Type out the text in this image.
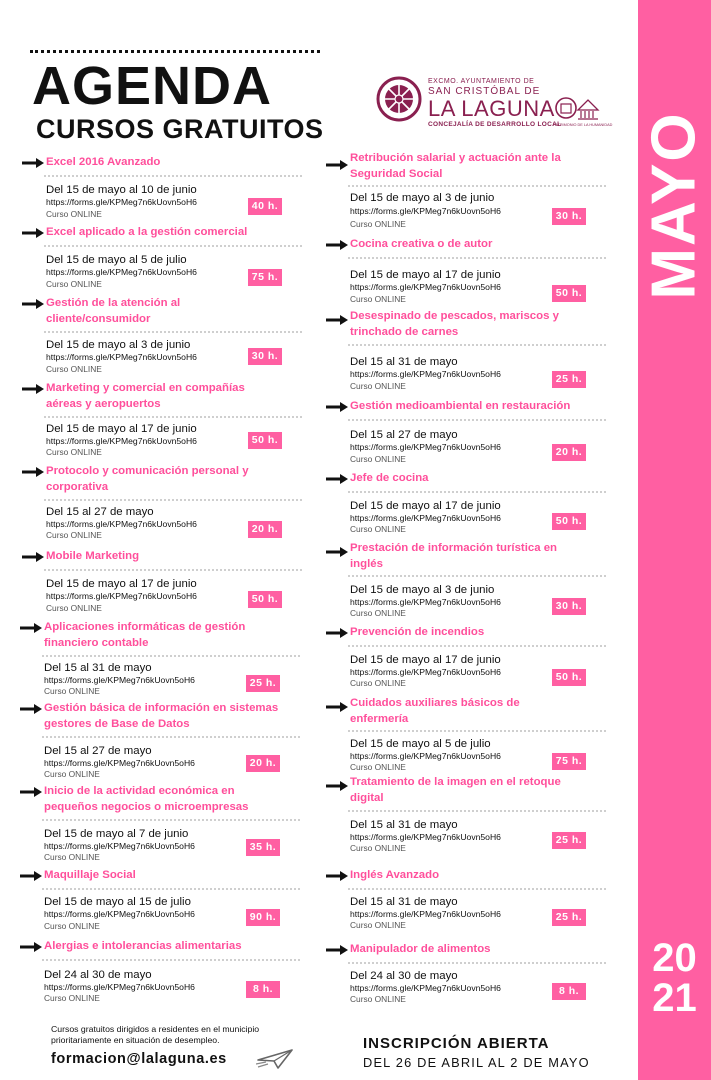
MAYO
20
21
AGENDA
CURSOS GRATUITOS
EXCMO. AYUNTAMIENTO DE
SAN CRISTÓBAL DE
LA LAGUNA
CONCEJALÍA DE DESARROLLO LOCAL
PATRIMONIO DE LA HUMANIDAD
Excel 2016 Avanzado
Del 15 de mayo al 10 de junio
https://forms.gle/KPMeg7n6kUovn5oH6
Curso ONLINE
40 h.
Excel aplicado a la gestión comercial
Del 15 de mayo al 5 de julio
https://forms.gle/KPMeg7n6kUovn5oH6
Curso ONLINE
75 h.
Gestión de la atención al cliente/consumidor
Del 15 de mayo al 3 de junio
https://forms.gle/KPMeg7n6kUovn5oH6
Curso ONLINE
30 h.
Marketing y comercial en compañías aéreas y aeropuertos
Del 15 de mayo al 17 de junio
https://forms.gle/KPMeg7n6kUovn5oH6
Curso ONLINE
50 h.
Protocolo y comunicación personal y corporativa
Del 15 al 27 de mayo
https://forms.gle/KPMeg7n6kUovn5oH6
Curso ONLINE	20 h.
Mobile Marketing
Del 15 de mayo al 17 de junio
https://forms.gle/KPMeg7n6kUovn5oH6
Curso ONLINE
50 h.
Aplicaciones informáticas de gestión financiero contable
Del 15 al 31 de mayo
https://forms.gle/KPMeg7n6kUovn5oH6
Curso ONLINE
25 h.
Gestión básica de información en sistemas gestores de Base de Datos
Del 15 al 27 de mayo
https://forms.gle/KPMeg7n6kUovn5oH6
Curso ONLINE
20 h.
Inicio de la actividad económica en pequeños negocios o microempresas
Del 15 de mayo al 7 de junio
https://forms.gle/KPMeg7n6kUovn5oH6
Curso ONLINE
35 h.
Maquillaje Social
Del 15 de mayo al 15 de julio
https://forms.gle/KPMeg7n6kUovn5oH6
Curso ONLINE
90 h.
Alergias e intolerancias alimentarias
Del 24 al 30 de mayo
https://forms.gle/KPMeg7n6kUovn5oH6
Curso ONLINE
8 h.
Retribución salarial y actuación ante la Seguridad Social
Del 15 de mayo al 3 de junio
https://forms.gle/KPMeg7n6kUovn5oH6
Curso ONLINE
30 h.
Cocina creativa o de autor
Del 15 de mayo al 17 de junio
https://forms.gle/KPMeg7n6kUovn5oH6
Curso ONLINE	50 h.
Desespinado de pescados, mariscos y trinchado de carnes
Del 15 al 31 de mayo
https://forms.gle/KPMeg7n6kUovn5oH6
Curso ONLINE
25 h.
Gestión medioambiental en restauración
Del 15 al 27 de mayo
https://forms.gle/KPMeg7n6kUovn5oH6
Curso ONLINE
20 h.
Jefe de cocina
Del 15 de mayo al 17 de junio
https://forms.gle/KPMeg7n6kUovn5oH6
Curso ONLINE
50 h.
Prestación de información turística en inglés
Del 15 de mayo al 3 de junio
https://forms.gle/KPMeg7n6kUovn5oH6
Curso ONLINE
30 h.
Prevención de incendios
Del 15 de mayo al 17 de junio
https://forms.gle/KPMeg7n6kUovn5oH6
Curso ONLINE	50 h.
Cuidados auxiliares básicos de enfermería
Del 15 de mayo al 5 de julio
https://forms.gle/KPMeg7n6kUovn5oH6
Curso ONLINE	75 h.
Tratamiento de la imagen en el retoque digital
Del 15 al 31 de mayo
https://forms.gle/KPMeg7n6kUovn5oH6
Curso ONLINE
25 h.
Inglés Avanzado
Del 15 al 31 de mayo
https://forms.gle/KPMeg7n6kUovn5oH6
Curso ONLINE
25 h.
Manipulador de alimentos
Del 24 al 30 de mayo
https://forms.gle/KPMeg7n6kUovn5oH6
Curso ONLINE
8 h.
Cursos gratuitos dirigidos a residentes en el municipio prioritariamente en situación de desempleo.
formacion@lalaguna.es
INSCRIPCIÓN ABIERTA
DEL 26 DE ABRIL AL 2 DE MAYO
